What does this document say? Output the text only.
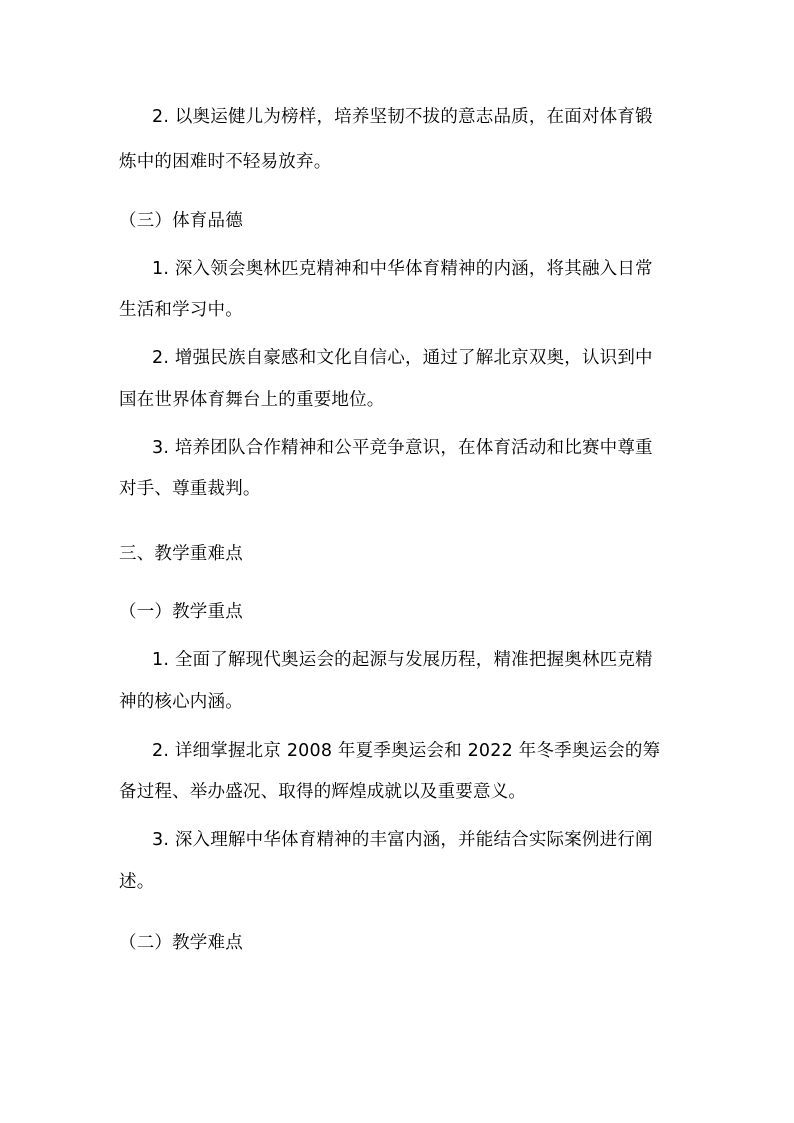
2. 以奥运健儿为榜样，培养坚韧不拔的意志品质，在面对体育锻
炼中的困难时不轻易放弃。
（三）体育品德
1. 深入领会奥林匹克精神和中华体育精神的内涵，将其融入日常
生活和学习中。
2. 增强民族自豪感和文化自信心，通过了解北京双奥，认识到中
国在世界体育舞台上的重要地位。
3. 培养团队合作精神和公平竞争意识，在体育活动和比赛中尊重
对手、尊重裁判。
三、教学重难点
（一）教学重点
1. 全面了解现代奥运会的起源与发展历程，精准把握奥林匹克精
神的核心内涵。
2. 详细掌握北京 2008 年夏季奥运会和 2022 年冬季奥运会的筹
备过程、举办盛况、取得的辉煌成就以及重要意义。
3. 深入理解中华体育精神的丰富内涵，并能结合实际案例进行阐
述。
（二）教学难点
